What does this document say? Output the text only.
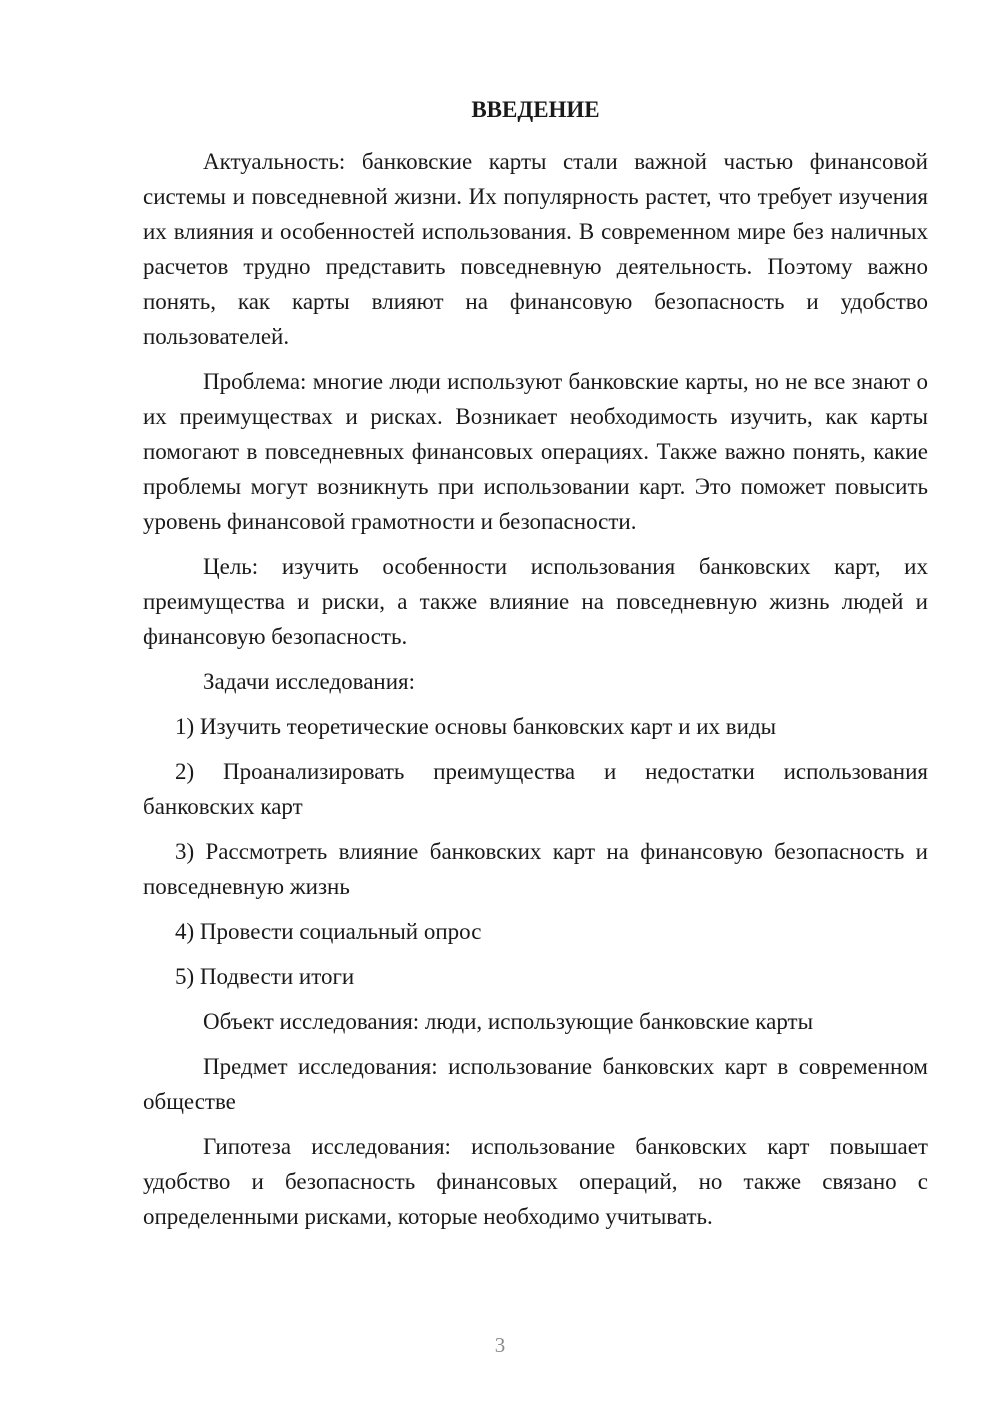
ВВЕДЕНИЕ

Актуальность: банковские карты стали важной частью финансовой системы и повседневной жизни. Их популярность растет, что требует изучения их влияния и особенностей использования. В современном мире без наличных расчетов трудно представить повседневную деятельность. Поэтому важно понять, как карты влияют на финансовую безопасность и удобство пользователей.

Проблема: многие люди используют банковские карты, но не все знают о их преимуществах и рисках. Возникает необходимость изучить, как карты помогают в повседневных финансовых операциях. Также важно понять, какие проблемы могут возникнуть при использовании карт. Это поможет повысить уровень финансовой грамотности и безопасности.

Цель: изучить особенности использования банковских карт, их преимущества и риски, а также влияние на повседневную жизнь людей и финансовую безопасность.

Задачи исследования:

1) Изучить теоретические основы банковских карт и их виды

2) Проанализировать преимущества и недостатки использования банковских карт

3) Рассмотреть влияние банковских карт на финансовую безопасность и повседневную жизнь

4) Провести социальный опрос

5) Подвести итоги

Объект исследования: люди, использующие банковские карты

Предмет исследования: использование банковских карт в современном обществе

Гипотеза исследования: использование банковских карт повышает удобство и безопасность финансовых операций, но также связано с определенными рисками, которые необходимо учитывать.

3
